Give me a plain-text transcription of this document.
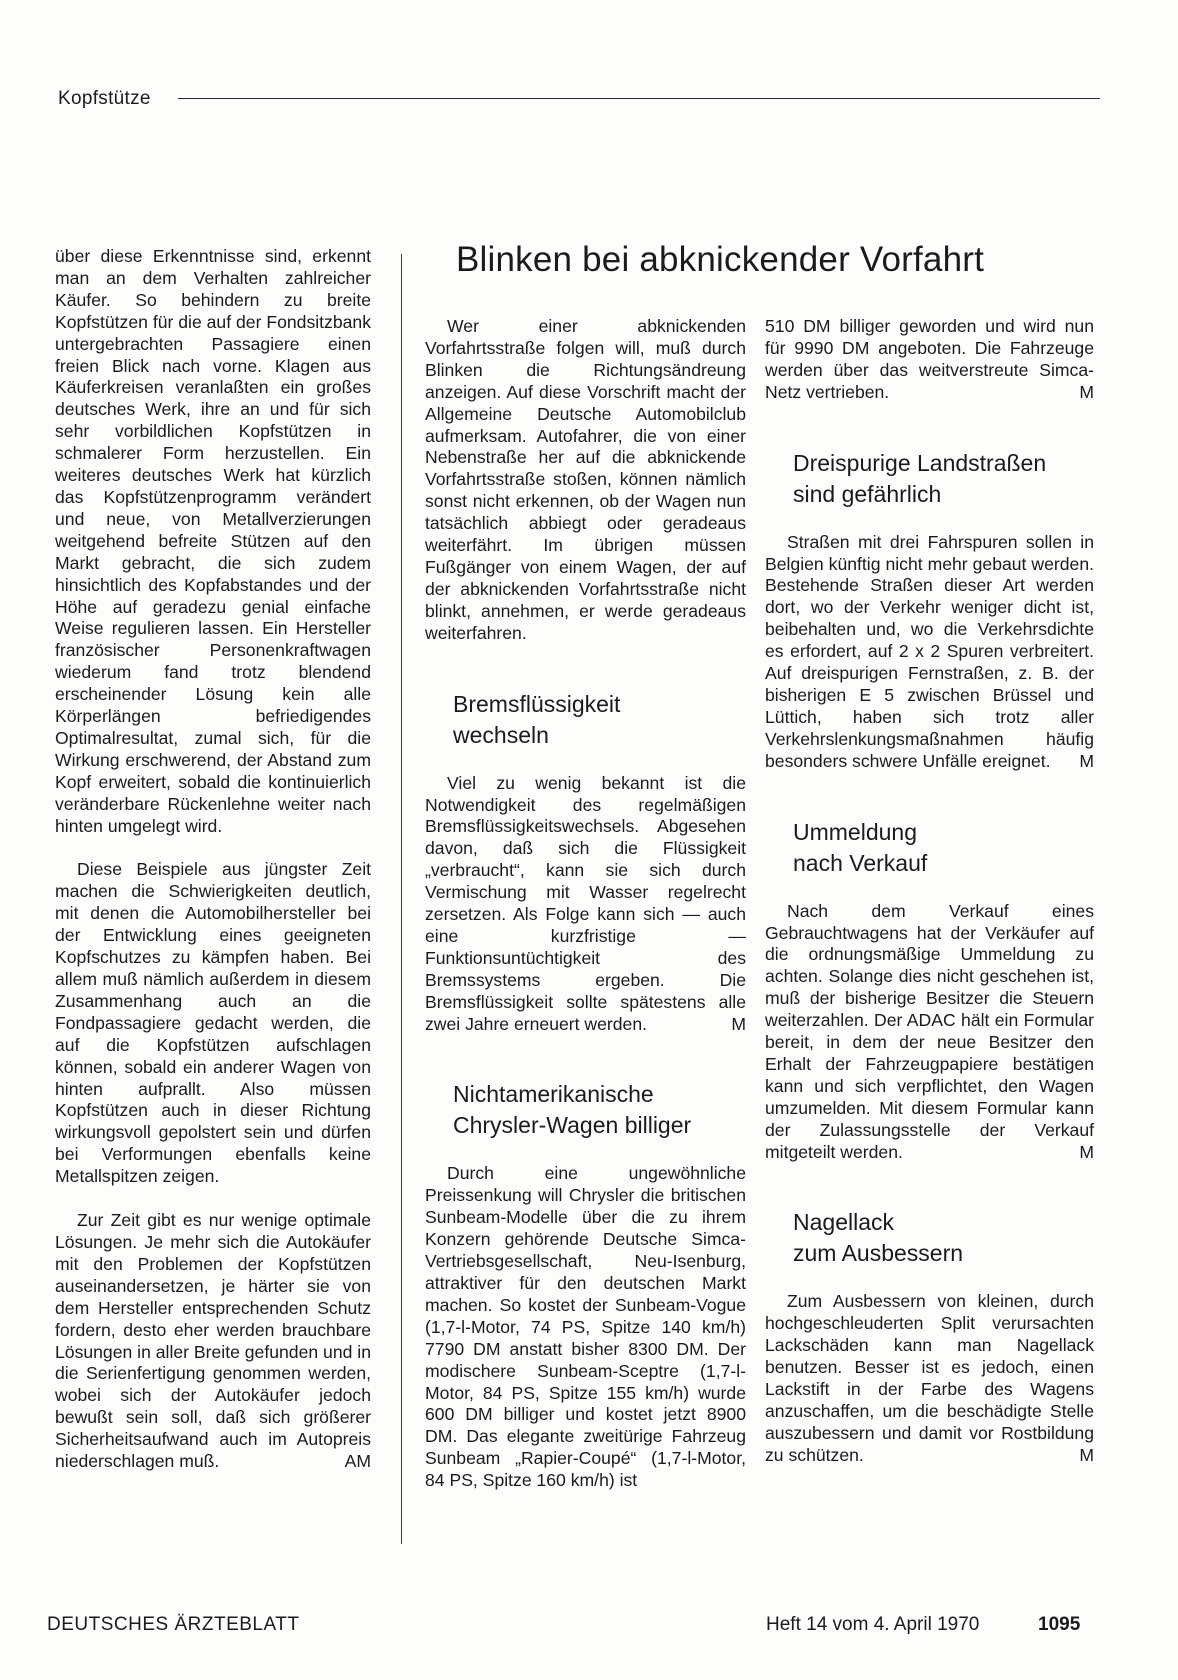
Kopfstütze

über diese Erkenntnisse sind, erkennt man an dem Verhalten zahlreicher Käufer. So behindern zu breite Kopfstützen für die auf der Fondsitzbank untergebrachten Passagiere einen freien Blick nach vorne. Klagen aus Käuferkreisen veranlaßten ein großes deutsches Werk, ihre an und für sich sehr vorbildlichen Kopfstützen in schmalerer Form herzustellen. Ein weiteres deutsches Werk hat kürzlich das Kopfstützenprogramm verändert und neue, von Metallverzierungen weitgehend befreite Stützen auf den Markt gebracht, die sich zudem hinsichtlich des Kopfabstandes und der Höhe auf geradezu genial einfache Weise regulieren lassen. Ein Hersteller französischer Personenkraftwagen wiederum fand trotz blendend erscheinender Lösung kein alle Körperlängen befriedigendes Optimalresultat, zumal sich, für die Wirkung erschwerend, der Abstand zum Kopf erweitert, sobald die kontinuierlich veränderbare Rückenlehne weiter nach hinten umgelegt wird.

Diese Beispiele aus jüngster Zeit machen die Schwierigkeiten deutlich, mit denen die Automobilhersteller bei der Entwicklung eines geeigneten Kopfschutzes zu kämpfen haben. Bei allem muß nämlich außerdem in diesem Zusammenhang auch an die Fondpassagiere gedacht werden, die auf die Kopfstützen aufschlagen können, sobald ein anderer Wagen von hinten aufprallt. Also müssen Kopfstützen auch in dieser Richtung wirkungsvoll gepolstert sein und dürfen bei Verformungen ebenfalls keine Metallspitzen zeigen.

Zur Zeit gibt es nur wenige optimale Lösungen. Je mehr sich die Autokäufer mit den Problemen der Kopfstützen auseinandersetzen, je härter sie von dem Hersteller entsprechenden Schutz fordern, desto eher werden brauchbare Lösungen in aller Breite gefunden und in die Serienfertigung genommen werden, wobei sich der Autokäufer jedoch bewußt sein soll, daß sich größerer Sicherheitsaufwand auch im Autopreis niederschlagen muß.	AM

Blinken bei abknickender Vorfahrt

Wer einer abknickenden Vorfahrtsstraße folgen will, muß durch Blinken die Richtungsändreung anzeigen. Auf diese Vorschrift macht der Allgemeine Deutsche Automobilclub aufmerksam. Autofahrer, die von einer Nebenstraße her auf die abknickende Vorfahrtsstraße stoßen, können nämlich sonst nicht erkennen, ob der Wagen nun tatsächlich abbiegt oder geradeaus weiterfährt. Im übrigen müssen Fußgänger von einem Wagen, der auf der abknickenden Vorfahrtsstraße nicht blinkt, annehmen, er werde geradeaus weiterfahren.

Bremsflüssigkeit
wechseln

Viel zu wenig bekannt ist die Notwendigkeit des regelmäßigen Bremsflüssigkeitswechsels. Abgesehen davon, daß sich die Flüssigkeit „verbraucht“, kann sie sich durch Vermischung mit Wasser regelrecht zersetzen. Als Folge kann sich — auch eine kurzfristige — Funktionsuntüchtigkeit des Bremssystems ergeben. Die Bremsflüssigkeit sollte spätestens alle zwei Jahre erneuert werden.	M

Nichtamerikanische
Chrysler-Wagen billiger

Durch eine ungewöhnliche Preissenkung will Chrysler die britischen Sunbeam-Modelle über die zu ihrem Konzern gehörende Deutsche Simca-Vertriebsgesellschaft, Neu-Isenburg, attraktiver für den deutschen Markt machen. So kostet der Sunbeam-Vogue (1,7-l-Motor, 74 PS, Spitze 140 km/h) 7790 DM anstatt bisher 8300 DM. Der modischere Sunbeam-Sceptre (1,7-l-Motor, 84 PS, Spitze 155 km/h) wurde 600 DM billiger und kostet jetzt 8900 DM. Das elegante zweitürige Fahrzeug Sunbeam „Rapier-Coupé“ (1,7-l-Motor, 84 PS, Spitze 160 km/h) ist

510 DM billiger geworden und wird nun für 9990 DM angeboten. Die Fahrzeuge werden über das weitverstreute Simca-Netz vertrieben.	M

Dreispurige Landstraßen
sind gefährlich

Straßen mit drei Fahrspuren sollen in Belgien künftig nicht mehr gebaut werden. Bestehende Straßen dieser Art werden dort, wo der Verkehr weniger dicht ist, beibehalten und, wo die Verkehrsdichte es erfordert, auf 2 x 2 Spuren verbreitert. Auf dreispurigen Fernstraßen, z. B. der bisherigen E 5 zwischen Brüssel und Lüttich, haben sich trotz aller Verkehrslenkungsmaßnahmen häufig besonders schwere Unfälle ereignet.	M

Ummeldung
nach Verkauf

Nach dem Verkauf eines Gebrauchtwagens hat der Verkäufer auf die ordnungsmäßige Ummeldung zu achten. Solange dies nicht geschehen ist, muß der bisherige Besitzer die Steuern weiterzahlen. Der ADAC hält ein Formular bereit, in dem der neue Besitzer den Erhalt der Fahrzeugpapiere bestätigen kann und sich verpflichtet, den Wagen umzumelden. Mit diesem Formular kann der Zulassungsstelle der Verkauf mitgeteilt werden.	M

Nagellack
zum Ausbessern

Zum Ausbessern von kleinen, durch hochgeschleuderten Split verursachten Lackschäden kann man Nagellack benutzen. Besser ist es jedoch, einen Lackstift in der Farbe des Wagens anzuschaffen, um die beschädigte Stelle auszubessern und damit vor Rostbildung zu schützen.	M

DEUTSCHES ÄRZTEBLATT	Heft 14 vom 4. April 1970	1095
